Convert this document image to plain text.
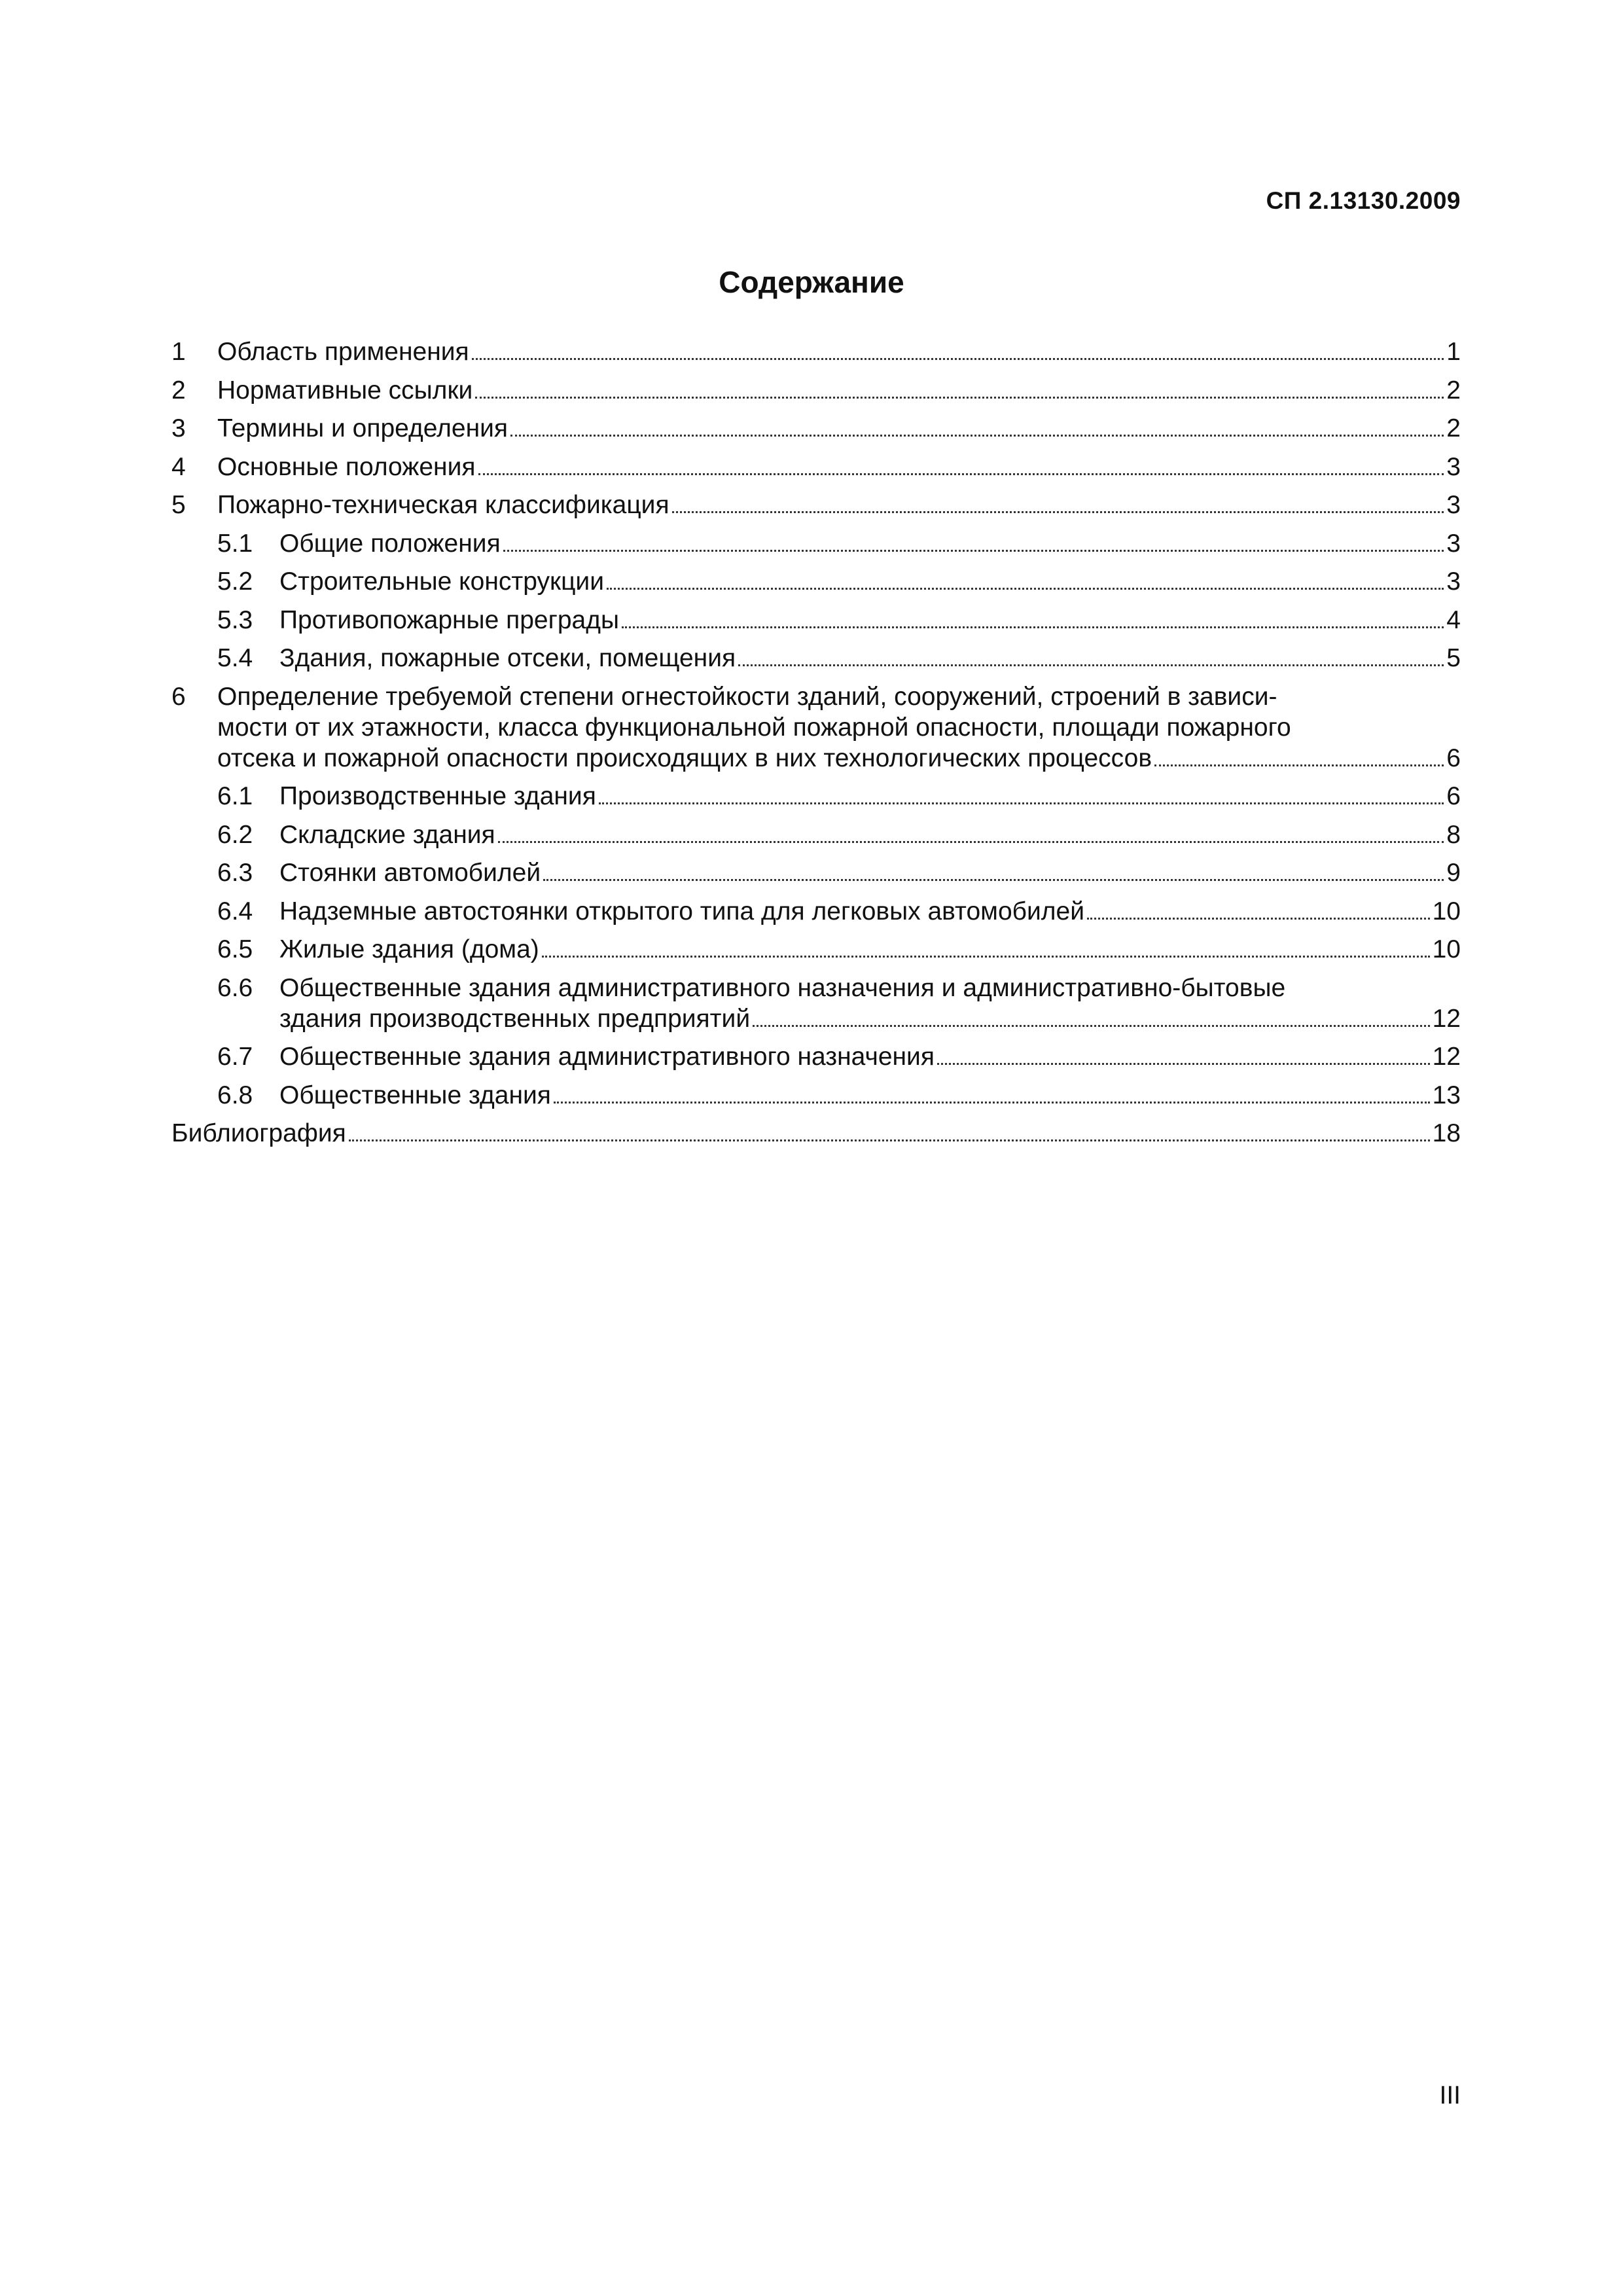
СП 2.13130.2009
Содержание
1	Область применения	1
2	Нормативные ссылки	2
3	Термины и определения	2
4	Основные положения	3
5	Пожарно-техническая классификация	3
5.1	Общие положения	3
5.2	Строительные конструкции	3
5.3	Противопожарные преграды	4
5.4	Здания, пожарные отсеки, помещения	5
6	Определение требуемой степени огнестойкости зданий, сооружений, строений в зависи-
мости от их этажности, класса функциональной пожарной опасности, площади пожарного
отсека и пожарной опасности происходящих в них технологических процессов	6
6.1	Производственные здания	6
6.2	Складские здания	8
6.3	Стоянки автомобилей	9
6.4	Надземные автостоянки открытого типа для легковых автомобилей	10
6.5	Жилые здания (дома)	10
6.6	Общественные здания административного назначения и административно-бытовые
здания производственных предприятий	12
6.7	Общественные здания административного назначения	12
6.8	Общественные здания	13
Библиография	18
III
